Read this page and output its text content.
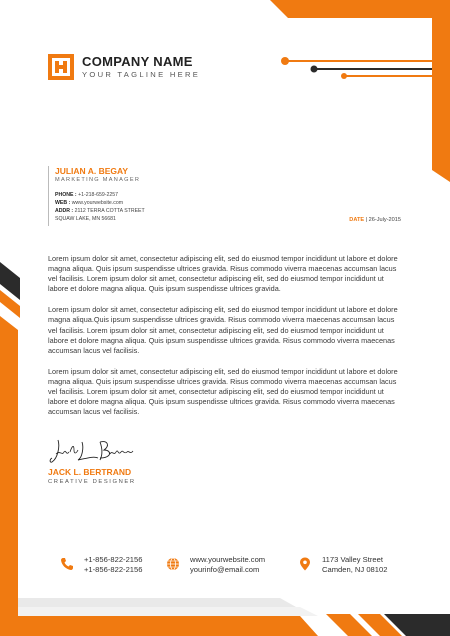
COMPANY NAME
YOUR TAGLINE HERE
JULIAN A. BEGAY
MARKETING MANAGER
PHONE : +1-218-659-2257
WEB : www.yourwebsite.com
ADDR : 2112 TERRA COTTA STREET
SQUAW LAKE, MN 56681	DATE | 26-July-2015

Lorem ipsum dolor sit amet, consectetur adipiscing elit, sed do eiusmod tempor incididunt ut labore et dolore magna aliqua. Quis ipsum suspendisse ultrices gravida. Risus commodo viverra maecenas accumsan lacus vel facilisis. Lorem ipsum dolor sit amet, consectetur adipiscing elit, sed do eiusmod tempor incididunt ut labore et dolore magna aliqua. Quis ipsum suspendisse ultrices gravida.

Lorem ipsum dolor sit amet, consectetur adipiscing elit, sed do eiusmod tempor incididunt ut labore et dolore magna aliqua.Quis ipsum suspendisse ultrices gravida. Risus commodo viverra maecenas accumsan lacus vel facilisis. Lorem ipsum dolor sit amet, consectetur adipiscing elit, sed do eiusmod tempor incididunt ut labore et dolore magna aliqua. Quis ipsum suspendisse ultrices gravida. Risus commodo viverra maecenas accumsan lacus vel facilisis.

Lorem ipsum dolor sit amet, consectetur adipiscing elit, sed do eiusmod tempor incididunt ut labore et dolore magna aliqua. Quis ipsum suspendisse ultrices gravida. Risus commodo viverra maecenas accumsan lacus vel facilisis. Lorem ipsum dolor sit amet, consectetur adipiscing elit, sed do eiusmod tempor incididunt ut labore et dolore magna aliqua. Quis ipsum suspendisse ultrices gravida. Risus commodo viverra maecenas accumsan lacus vel facilisis.

JACK L. BERTRAND
CREATIVE DESIGNER
+1-856-822-2156
+1-856-822-2156
www.yourwebsite.com
yourinfo@email.com
1173 Valley Street
Camden, NJ 08102
